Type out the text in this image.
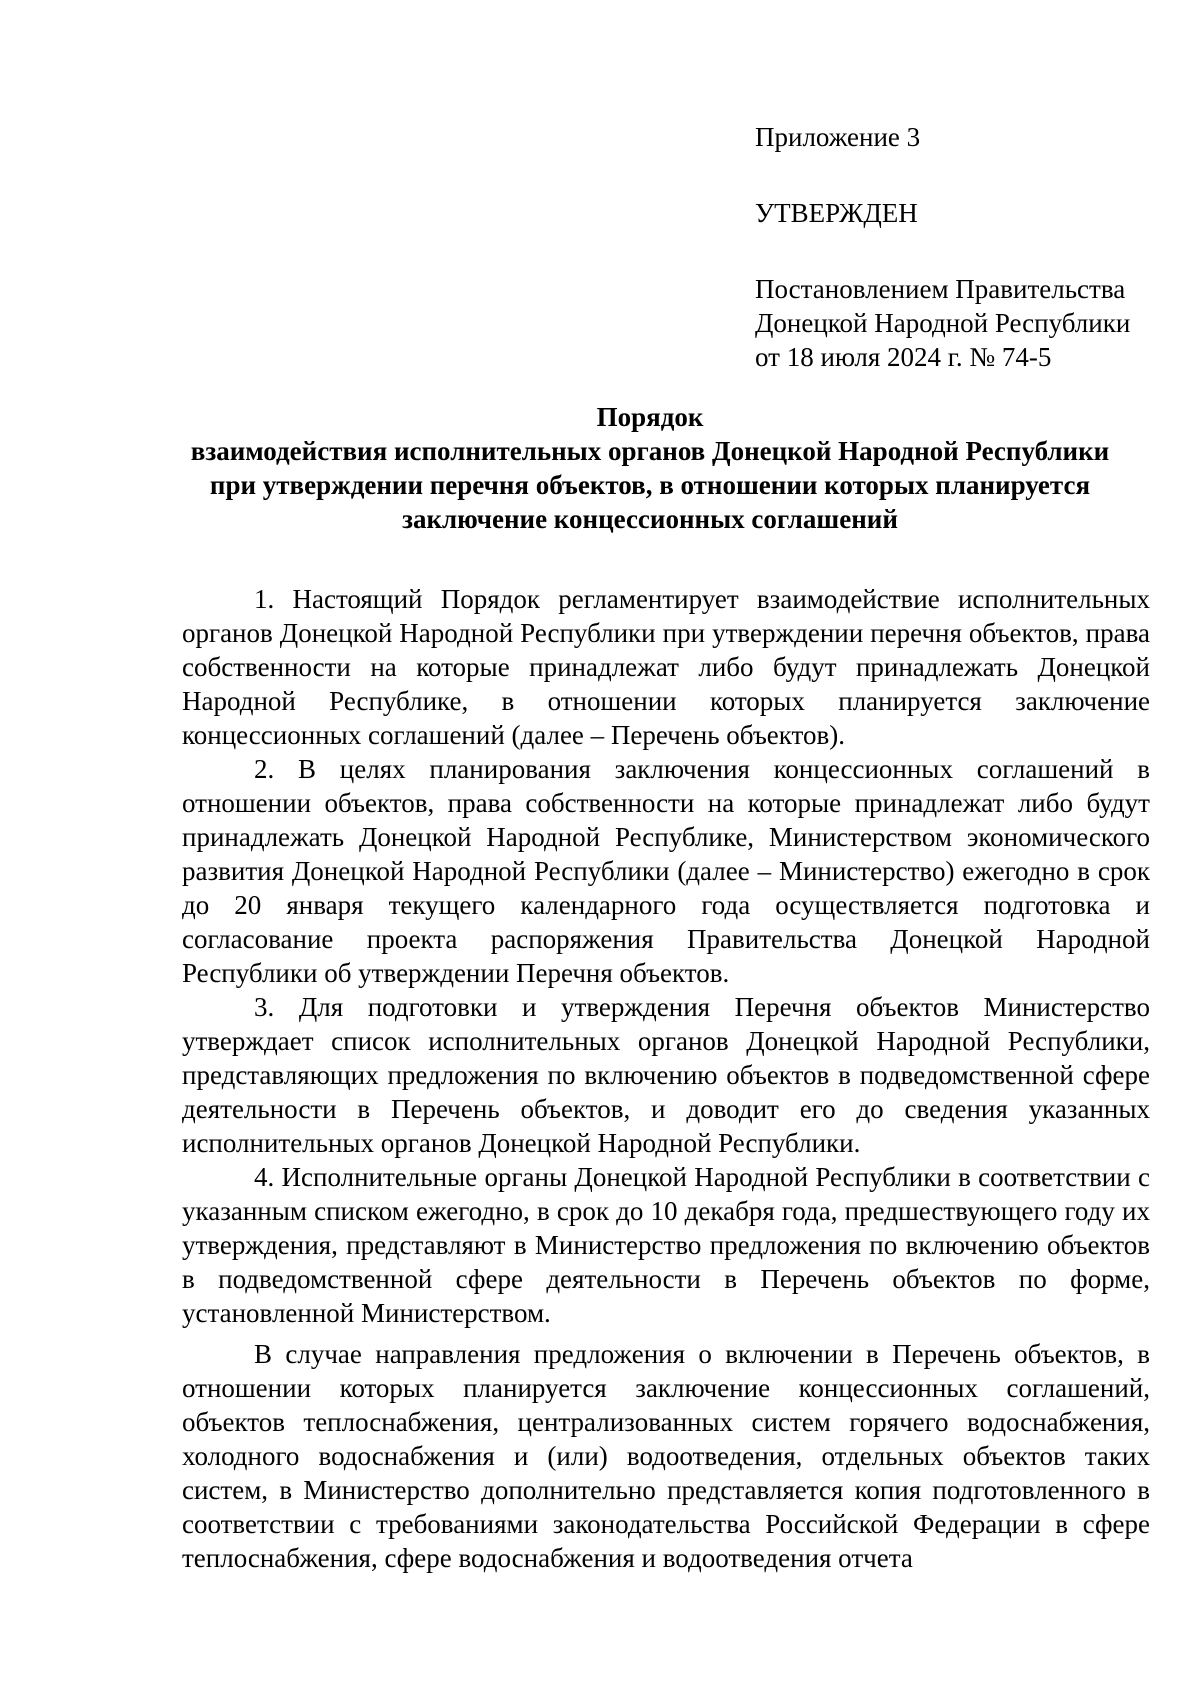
Приложение 3
УТВЕРЖДЕН
Постановлением Правительства
Донецкой Народной Республики
от 18 июля 2024 г. № 74-5
Порядок
взаимодействия исполнительных органов Донецкой Народной Республики
при утверждении перечня объектов, в отношении которых планируется
заключение концессионных соглашений

1. Настоящий Порядок регламентирует взаимодействие исполнительных органов Донецкой Народной Республики при утверждении перечня объектов, права собственности на которые принадлежат либо будут принадлежать Донецкой Народной Республике, в отношении которых планируется заключение концессионных соглашений (далее – Перечень объектов).

2. В целях планирования заключения концессионных соглашений в отношении объектов, права собственности на которые принадлежат либо будут принадлежать Донецкой Народной Республике, Министерством экономического развития Донецкой Народной Республики (далее – Министерство) ежегодно в срок до 20 января текущего календарного года осуществляется подготовка и согласование проекта распоряжения Правительства Донецкой Народной Республики об утверждении Перечня объектов.

3. Для подготовки и утверждения Перечня объектов Министерство утверждает список исполнительных органов Донецкой Народной Республики, представляющих предложения по включению объектов в подведомственной сфере деятельности в Перечень объектов, и доводит его до сведения указанных исполнительных органов Донецкой Народной Республики.

4. Исполнительные органы Донецкой Народной Республики в соответствии с указанным списком ежегодно, в срок до 10 декабря года, предшествующего году их утверждения, представляют в Министерство предложения по включению объектов в подведомственной сфере деятельности в Перечень объектов по форме, установленной Министерством.

В случае направления предложения о включении в Перечень объектов, в отношении которых планируется заключение концессионных соглашений, объектов теплоснабжения, централизованных систем горячего водоснабжения, холодного водоснабжения и (или) водоотведения, отдельных объектов таких систем, в Министерство дополнительно представляется копия подготовленного в соответствии с требованиями законодательства Российской Федерации в сфере теплоснабжения, сфере водоснабжения и водоотведения отчета
